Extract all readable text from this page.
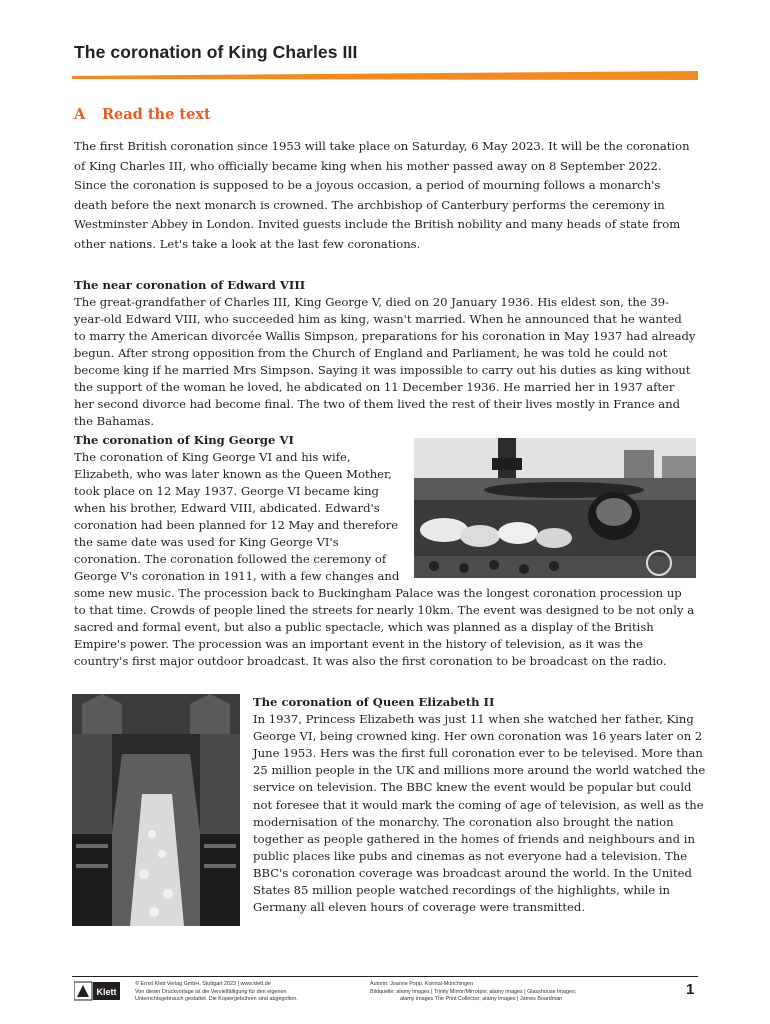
The coronation of King Charles III
A Read the text
The first British coronation since 1953 will take place on Saturday, 6 May 2023. It will be the coronation of King Charles III, who officially became king when his mother passed away on 8 September 2022. Since the coronation is supposed to be a joyous occasion, a period of mourning follows a monarch's death before the next monarch is crowned. The archbishop of Canterbury performs the ceremony in Westminster Abbey in London. Invited guests include the British nobility and many heads of state from other nations. Let's take a look at the last few coronations.
The near coronation of Edward VIII
The great-grandfather of Charles III, King George V, died on 20 January 1936. His eldest son, the 39-year-old Edward VIII, who succeeded him as king, wasn't married. When he announced that he wanted to marry the American divorcée Wallis Simpson, preparations for his coronation in May 1937 had already begun. After strong opposition from the Church of England and Parliament, he was told he could not become king if he married Mrs Simpson. Saying it was impossible to carry out his duties as king without the support of the woman he loved, he abdicated on 11 December 1936. He married her in 1937 after her second divorce had become final. The two of them lived the rest of their lives mostly in France and the Bahamas.
The coronation of King George VI
The coronation of King George VI and his wife, Elizabeth, who was later known as the Queen Mother, took place on 12 May 1937. George VI became king when his brother, Edward VIII, abdicated. Edward's coronation had been planned for 12 May and therefore the same date was used for King George VI's coronation. The coronation followed the ceremony of George V's coronation in 1911, with a few changes and some new music. The procession back to Buckingham Palace was the longest coronation procession up to that time. Crowds of people lined the streets for nearly 10km. The event was designed to be not only a sacred and formal event, but also a public spectacle, which was planned as a display of the British Empire's power. The procession was an important event in the history of television, as it was the country's first major outdoor broadcast. It was also the first coronation to be broadcast on the radio.
The coronation of Queen Elizabeth II
In 1937, Princess Elizabeth was just 11 when she watched her father, King George VI, being crowned king. Her own coronation was 16 years later on 2 June 1953. Hers was the first full coronation ever to be televised. More than 25 million people in the UK and millions more around the world watched the service on television. The BBC knew the event would be popular but could not foresee that it would mark the coming of age of television, as well as the modernisation of the monarchy. The coronation also brought the nation together as people gathered in the homes of friends and neighbours and in public places like pubs and cinemas as not everyone had a television. The BBC's coronation coverage was broadcast around the world. In the United States 85 million people watched recordings of the highlights, while in Germany all eleven hours of coverage were transmitted.
Klett
© Ernst Klett Verlag GmbH, Stuttgart 2023 | www.klett.de
Von dieser Druckvorlage ist die Vervielfältigung für den eigenen
Unterrichtsgebrauch gestattet. Die Kopiergebühren sind abgegolten.
Autorin: Joanne Popp, Korntal-Münchingen
Bildquelle: alamy images | Trinity Mirror/Mirrorpix; alamy images | Glasshouse Images;
alamy images The Print Collector; alamy images | James Boardman
1
